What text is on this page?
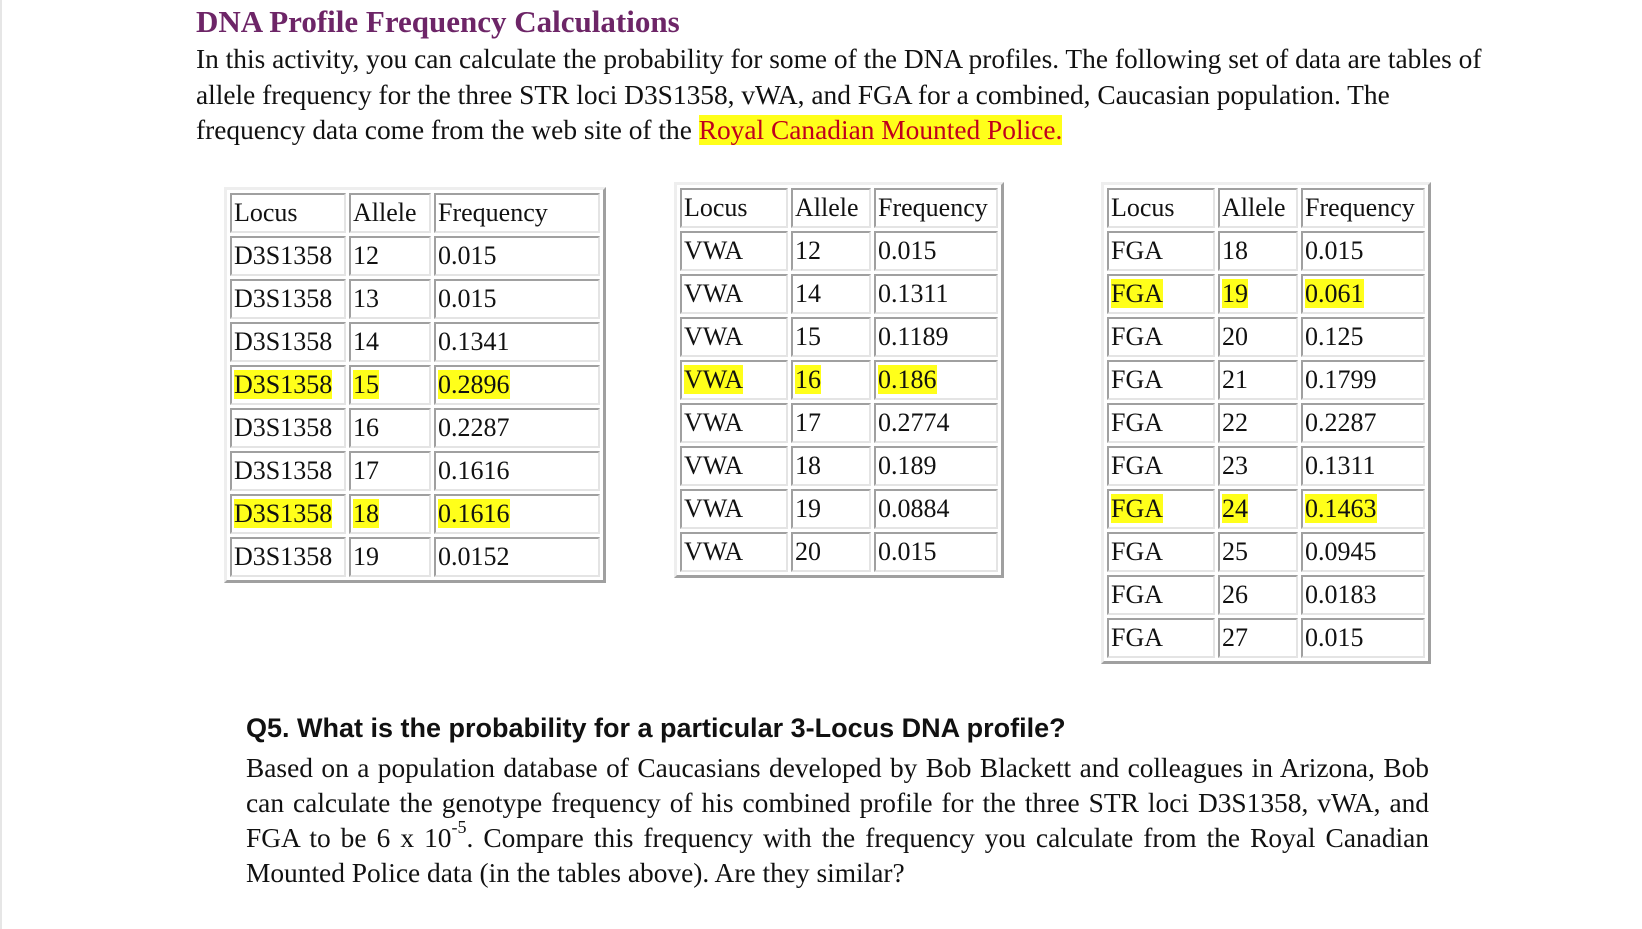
DNA Profile Frequency Calculations

In this activity, you can calculate the probability for some of the DNA profiles. The following set of data are tables of allele frequency for the three STR loci D3S1358, vWA, and FGA for a combined, Caucasian population. The frequency data come from the web site of the Royal Canadian Mounted Police.

Locus	Allele	Frequency
D3S1358	12	0.015
D3S1358	13	0.015
D3S1358	14	0.1341
D3S1358	15	0.2896
D3S1358	16	0.2287
D3S1358	17	0.1616
D3S1358	18	0.1616
D3S1358	19	0.0152
Locus	Allele	Frequency
VWA	12	0.015
VWA	14	0.1311
VWA	15	0.1189
VWA	16	0.186
VWA	17	0.2774
VWA	18	0.189
VWA	19	0.0884
VWA	20	0.015
Locus	Allele	Frequency
FGA	18	0.015
FGA	19	0.061
FGA	20	0.125
FGA	21	0.1799
FGA	22	0.2287
FGA	23	0.1311
FGA	24	0.1463
FGA	25	0.0945
FGA	26	0.0183
FGA	27	0.015
Q5. What is the probability for a particular 3-Locus DNA profile?

Based on a population database of Caucasians developed by Bob Blackett and colleagues in Arizona, Bob can calculate the genotype frequency of his combined profile for the three STR loci D3S1358, vWA, and FGA to be 6 x $10^{-5}$. Compare this frequency with the frequency you calculate from the Royal Canadian Mounted Police data (in the tables above). Are they similar?
